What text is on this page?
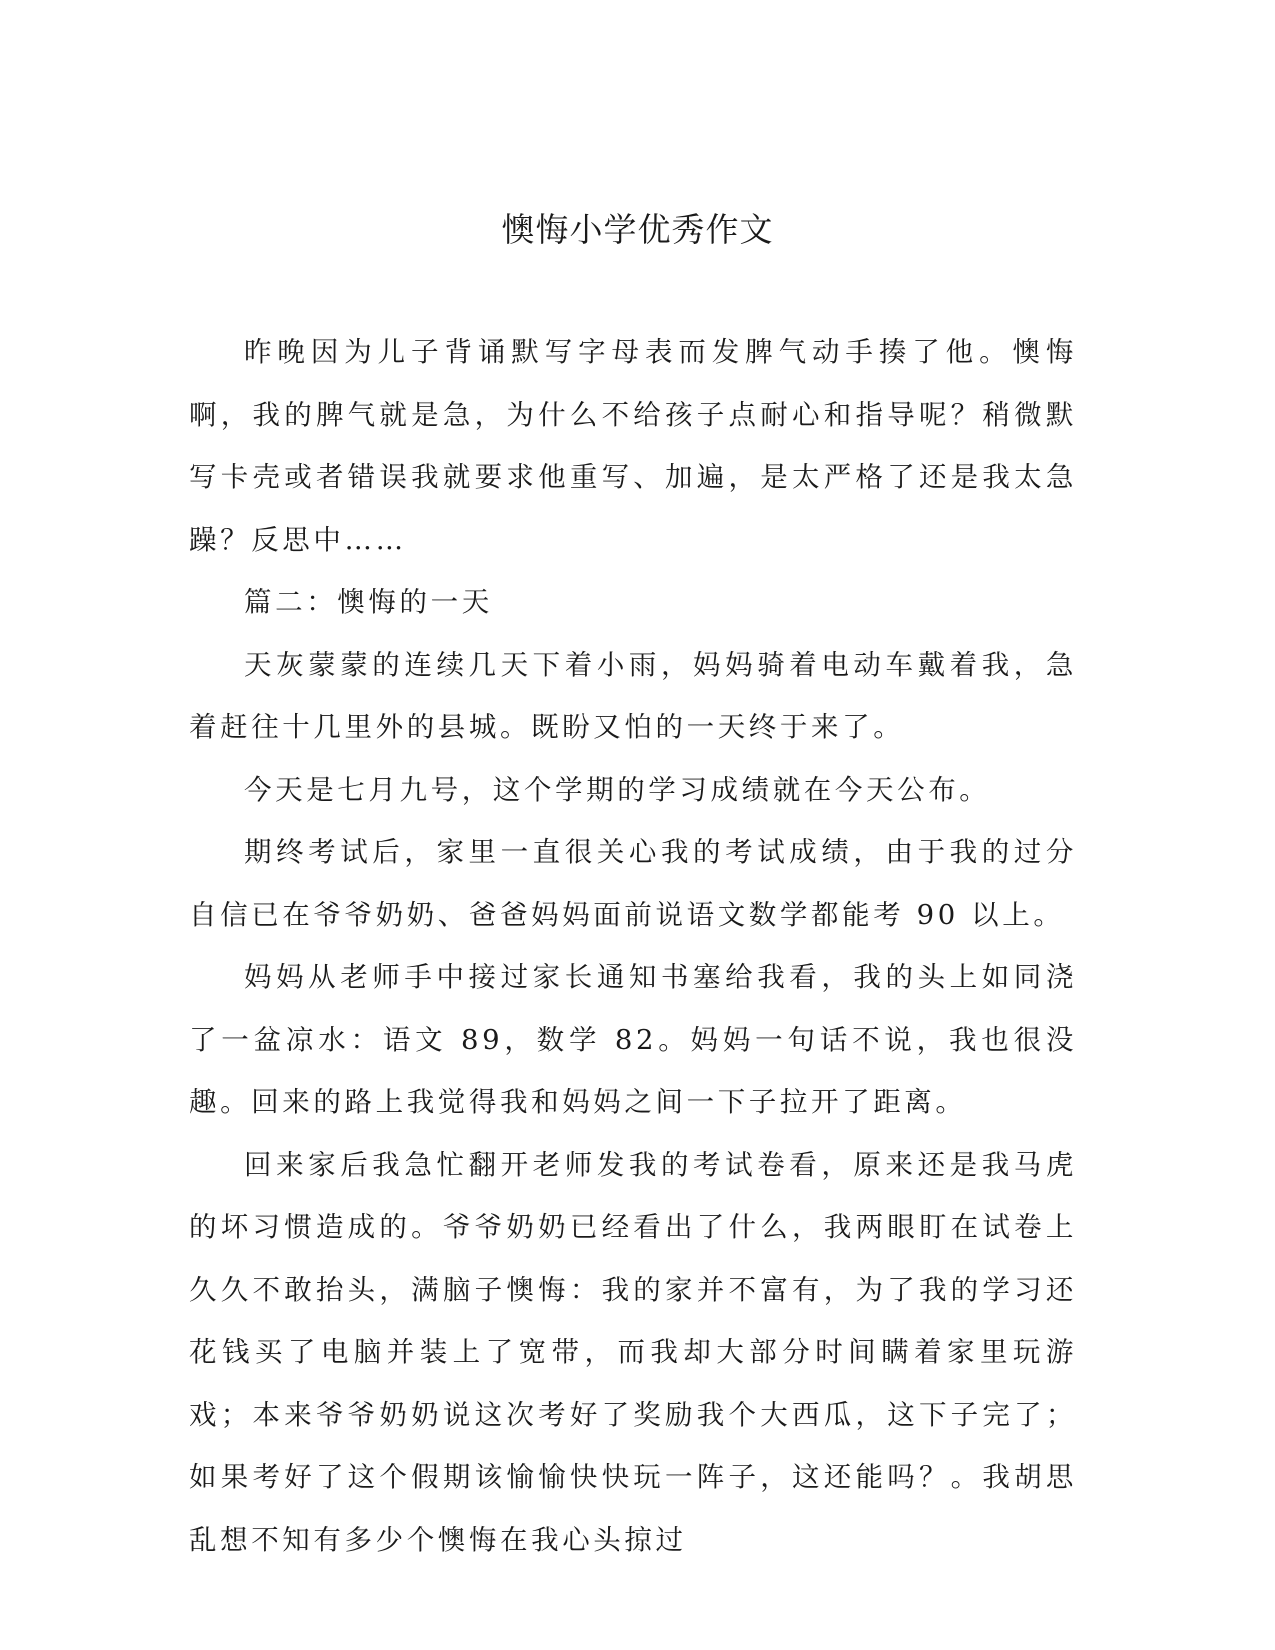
懊悔小学优秀作文

昨晚因为儿子背诵默写字母表而发脾气动手揍了他。懊悔啊，我的脾气就是急，为什么不给孩子点耐心和指导呢？稍微默写卡壳或者错误我就要求他重写、加遍，是太严格了还是我太急躁？反思中……

篇二：懊悔的一天

天灰蒙蒙的连续几天下着小雨，妈妈骑着电动车戴着我，急着赶往十几里外的县城。既盼又怕的一天终于来了。

今天是七月九号，这个学期的学习成绩就在今天公布。

期终考试后，家里一直很关心我的考试成绩，由于我的过分自信已在爷爷奶奶、爸爸妈妈面前说语文数学都能考 90 以上。

妈妈从老师手中接过家长通知书塞给我看，我的头上如同浇了一盆凉水：语文 89，数学 82。妈妈一句话不说，我也很没趣。回来的路上我觉得我和妈妈之间一下子拉开了距离。

回来家后我急忙翻开老师发我的考试卷看，原来还是我马虎的坏习惯造成的。爷爷奶奶已经看出了什么，我两眼盯在试卷上久久不敢抬头，满脑子懊悔：我的家并不富有，为了我的学习还花钱买了电脑并装上了宽带，而我却大部分时间瞒着家里玩游戏；本来爷爷奶奶说这次考好了奖励我个大西瓜，这下子完了；如果考好了这个假期该愉愉快快玩一阵子，这还能吗？。我胡思乱想不知有多少个懊悔在我心头掠过
